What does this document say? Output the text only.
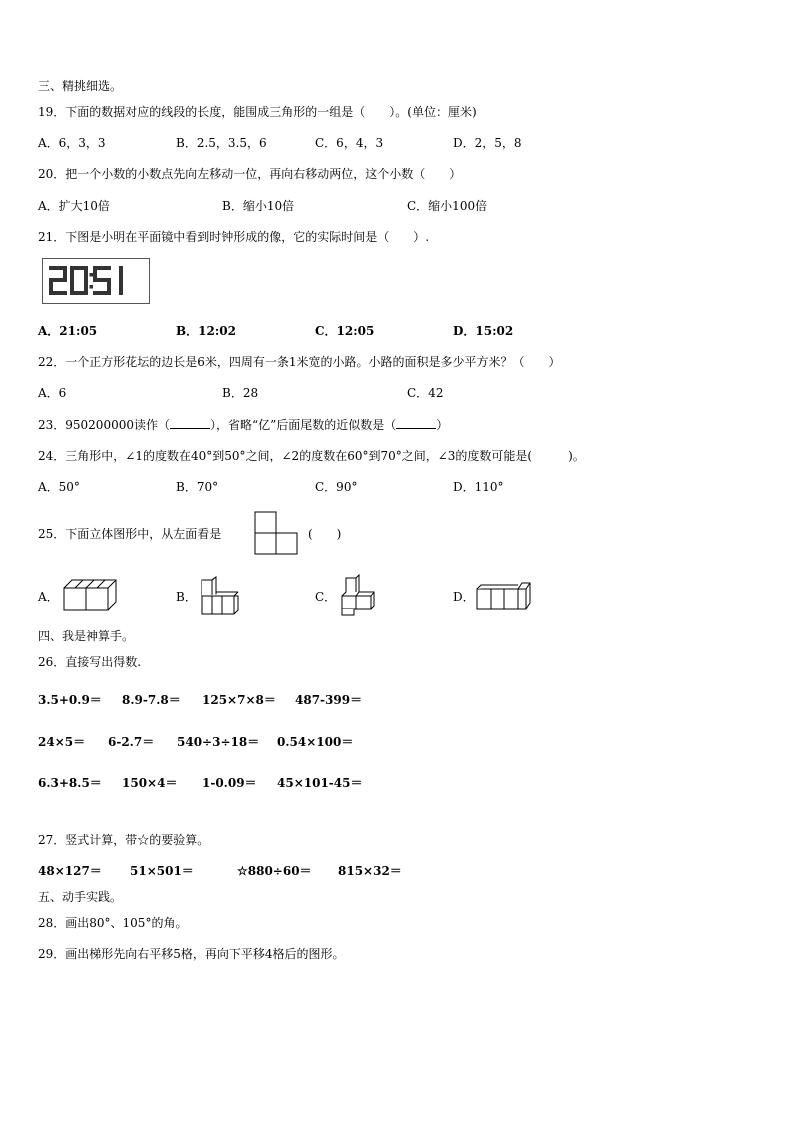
三、精挑细选。
19．下面的数据对应的线段的长度，能围成三角形的一组是（　　）。(单位：厘米)
A．6，3，3	B．2.5，3.5，6	C．6，4，3	D．2，5，8
20．把一个小数的小数点先向左移动一位，再向右移动两位，这个小数（　　）
A．扩大10倍	B．缩小10倍	C．缩小100倍
21．下图是小明在平面镜中看到时钟形成的像，它的实际时间是（　　）.
A．21:05	B．12:02	C．12:05	D．15:02
22．一个正方形花坛的边长是6米，四周有一条1米宽的小路。小路的面积是多少平方米？（　　）
A．6	B．28	C．42
23．950200000读作（	），省略“亿”后面尾数的近似数是（	）
24．三角形中，∠1的度数在40°到50°之间，∠2的度数在60°到70°之间，∠3的度数可能是(　　　)。
A．50°	B．70°	C．90°	D．110°
25．下面立体图形中，从左面看是	(　　)
A．	B．	C．	D．
四、我是神算手。
26．直接写出得数.
3.5+0.9＝ 8.9-7.8＝ 125×7×8＝ 487-399＝
24×5＝ 6-2.7＝ 540÷3÷18＝ 0.54×100＝
6.3+8.5＝ 150×4＝ 1-0.09＝ 45×101-45＝
27．竖式计算，带☆的要验算。
48×127＝ 51×501＝	☆880÷60＝ 815×32＝
五、动手实践。
28．画出80°、105°的角。
29．画出梯形先向右平移5格，再向下平移4格后的图形。
